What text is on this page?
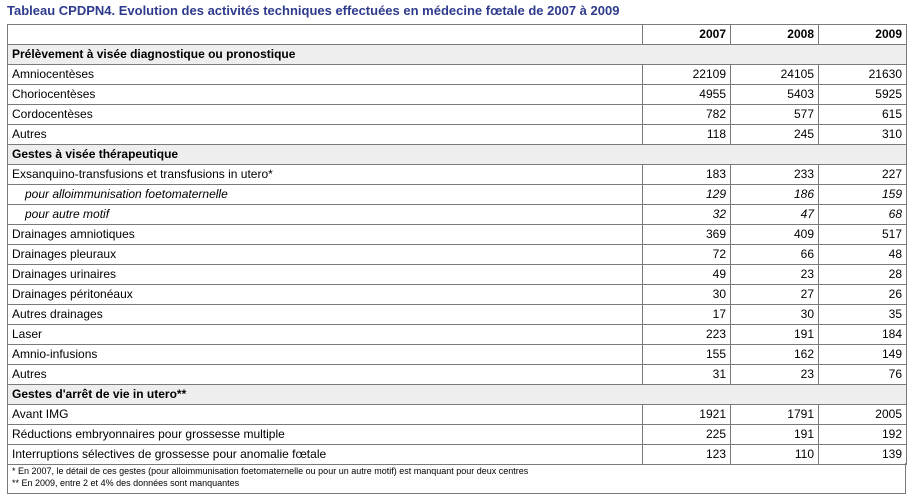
Tableau CPDPN4. Evolution des activités techniques effectuées en médecine fœtale de 2007 à 2009
	2007	2008	2009
Prélèvement à visée diagnostique ou pronostique			
Amniocentèses	22109	24105	21630
Choriocentèses	4955	5403	5925
Cordocentèses	782	577	615
Autres	118	245	310
Gestes à visée thérapeutique			
Exsanquino-transfusions et transfusions in utero*	183	233	227
pour alloimmunisation foetomaternelle	129	186	159
pour autre motif	32	47	68
Drainages amniotiques	369	409	517
Drainages pleuraux	72	66	48
Drainages urinaires	49	23	28
Drainages péritonéaux	30	27	26
Autres drainages	17	30	35
Laser	223	191	184
Amnio-infusions	155	162	149
Autres	31	23	76
Gestes d'arrêt de vie in utero**			
Avant IMG	1921	1791	2005
Réductions embryonnaires pour grossesse multiple	225	191	192
Interruptions sélectives de grossesse pour anomalie fœtale	123	110	139
* En 2007, le détail de ces gestes (pour alloimmunisation foetomaternelle ou pour un autre motif) est manquant pour deux centres
** En 2009, entre 2 et 4% des données sont manquantes
